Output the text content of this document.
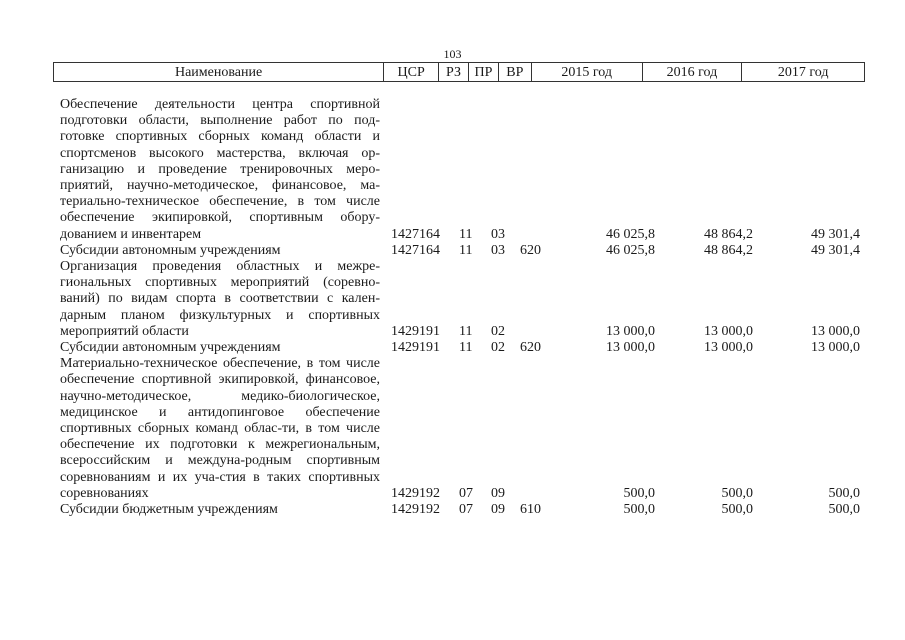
103
Наименование	ЦСР	РЗ ПР ВР	2015 год	2016 год	2017 год
Обеспечение деятельности центра спортивной подготовки области, выполнение работ по под-готовке спортивных сборных команд области и спортсменов высокого мастерства, включая ор-ганизацию и проведение тренировочных меро-приятий, научно-методическое, финансовое, ма-териально-техническое обеспечение, в том числе обеспечение экипировкой, спортивным обору-дованием и инвентарем	1427164 11 03	46 025,8	48 864,2	49 301,4
Субсидии автономным учреждениям	1427164 11 03 620	46 025,8	48 864,2	49 301,4
Организация проведения областных и межре-гиональных спортивных мероприятий (соревно-ваний) по видам спорта в соответствии с кален-дарным планом физкультурных и спортивных мероприятий области	1429191 11 02	13 000,0	13 000,0	13 000,0
Субсидии автономным учреждениям	1429191 11 02 620	13 000,0	13 000,0	13 000,0
Материально-техническое обеспечение, в том числе обеспечение спортивной экипировкой, финансовое, научно-методическое, медико-биологическое, медицинское и антидопинговое обеспечение спортивных сборных команд облас-ти, в том числе обеспечение их подготовки к межрегиональным, всероссийским и междуна-родным спортивным соревнованиям и их уча-стия в таких спортивных соревнованиях	1429192 07 09	500,0	500,0	500,0
Субсидии бюджетным учреждениям	1429192 07 09 610	500,0	500,0	500,0
